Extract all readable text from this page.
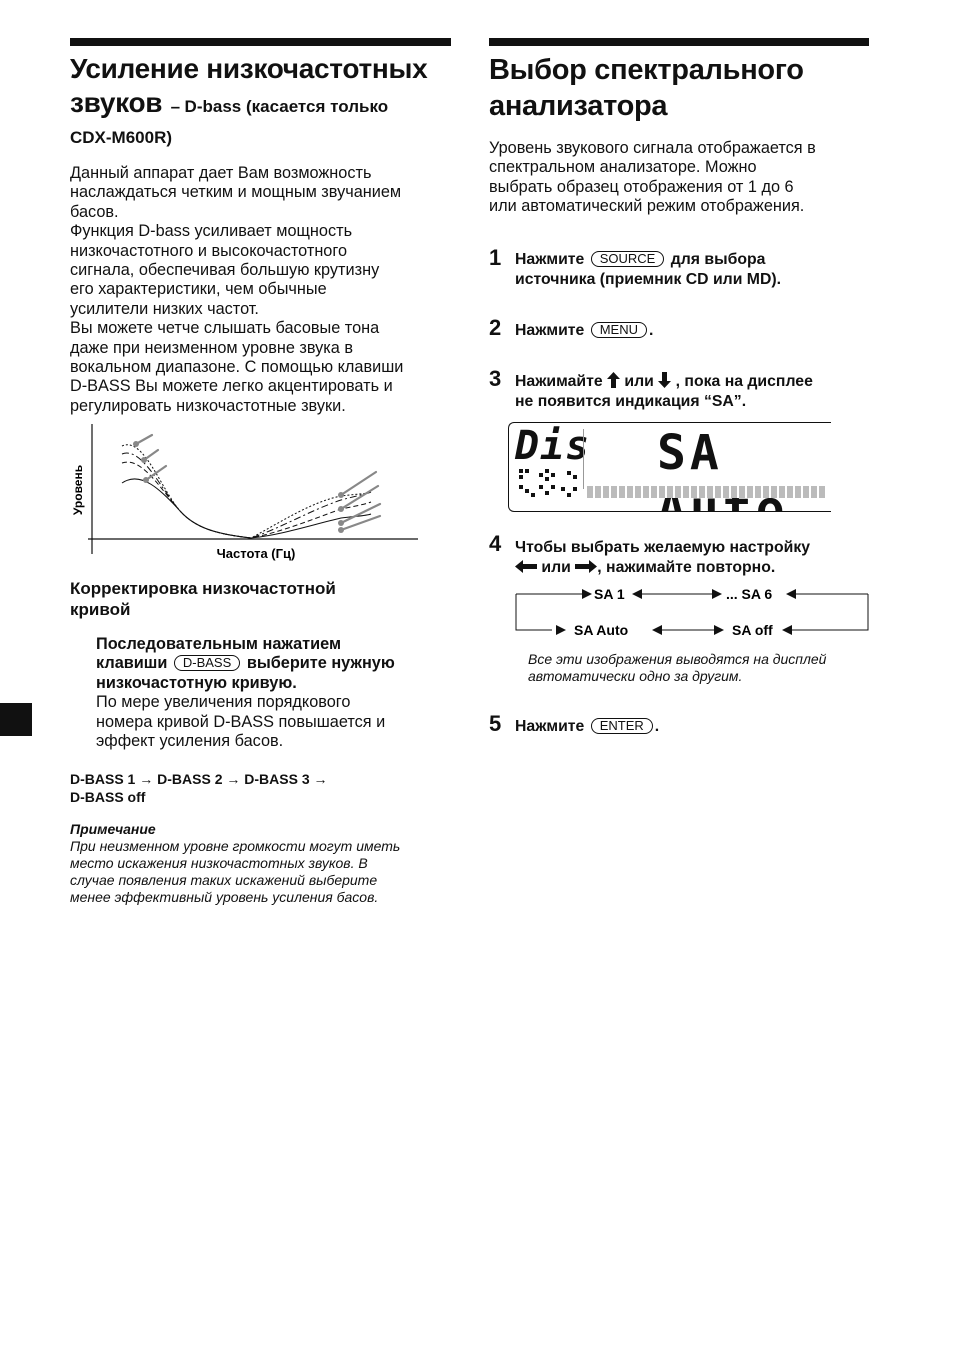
Усиление низкочастотных
звуков – D-bass (касается только
CDX-M600R)
Данный аппарат дает Вам возможность
наслаждаться четким и мощным звучанием
басов.
Функция D-bass усиливает мощность
низкочастотного и высокочастотного
сигнала, обеспечивая большую крутизну
его характеристики, чем обычные
усилители низких частот.
Вы можете четче слышать басовые тона
даже при неизменном уровне звука в
вокальном диапазоне. С помощью клавиши
D-BASS Вы можете легко акцентировать и
регулировать низкочастотные звуки.
Уровень
Частота (Гц)
Корректировка низкочастотной
кривой
Последовательным нажатием
клавиши D-BASS выберите нужную
низкочастотную кривую.
По мере увеличения порядкового
номера кривой D-BASS повышается и
эффект усиления басов.
D-BASS 1 → D-BASS 2 → D-BASS 3 →
D-BASS off
Примечание
При неизменном уровне громкости могут иметь
место искажения низкочастотных звуков. В
случае появления таких искажений выберите
менее эффективный уровень усиления басов.
Выбор спектрального
анализатора
Уровень звукового сигнала отображается в
спектральном анализаторе. Можно
выбрать образец отображения от 1 до 6
или автоматический режим отображения.
1 Нажмите SOURCE для выбора
источника (приемник CD или MD).
2 Нажмите MENU .
3 Нажимайте или , пока на дисплее
не появится индикация “SA”.
Dis SA
4 Чтобы выбрать желаемую настройку
или , нажимайте повторно.
SA 1	... SA 6
SA Auto	SA off
Все эти изображения выводятся на дисплей
автоматически одно за другим.
5 Нажмите ENTER .
